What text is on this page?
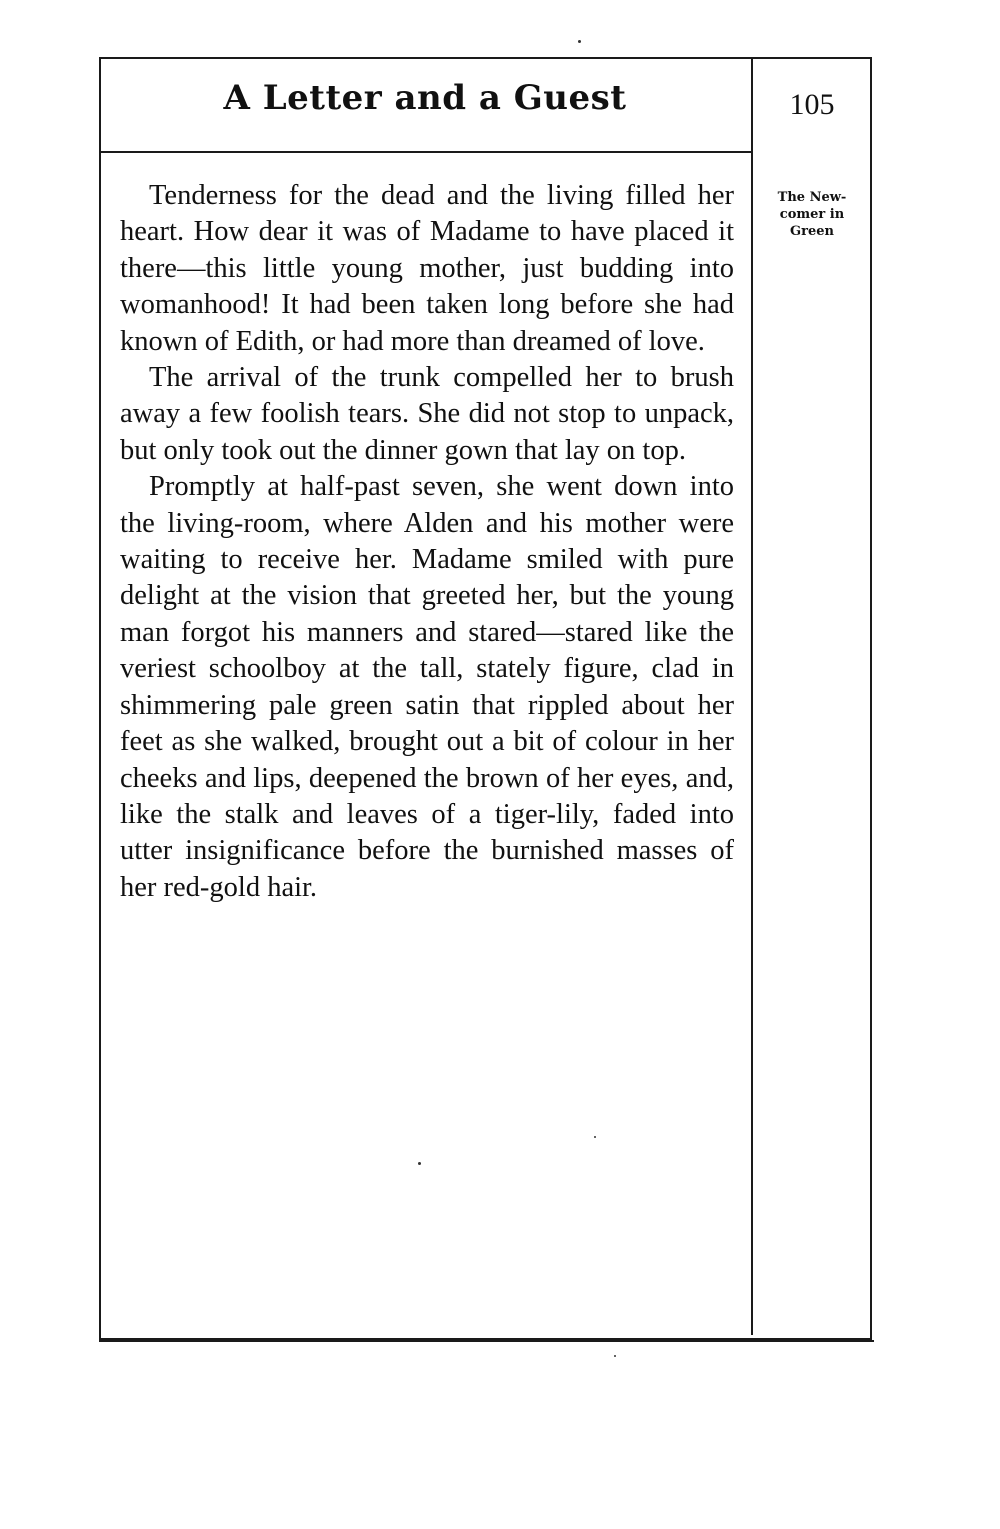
A Letter and a Guest	105

Tenderness for the dead and the living filled her heart. How dear it was of Madame to have placed it there—this little young mother, just budding into womanhood! It had been taken long before she had known of Edith, or had more than dreamed of love.

The arrival of the trunk compelled her to brush away a few foolish tears. She did not stop to unpack, but only took out the dinner gown that lay on top.

Promptly at half-past seven, she went down into the living-room, where Alden and his mother were waiting to receive her. Madame smiled with pure delight at the vision that greeted her, but the young man forgot his manners and stared—stared like the veriest schoolboy at the tall, stately figure, clad in shimmering pale green satin that rippled about her feet as she walked, brought out a bit of colour in her cheeks and lips, deepened the brown of her eyes, and, like the stalk and leaves of a tiger-lily, faded into utter insignificance before the burnished masses of her red-gold hair.

The New-
comer in
Green
